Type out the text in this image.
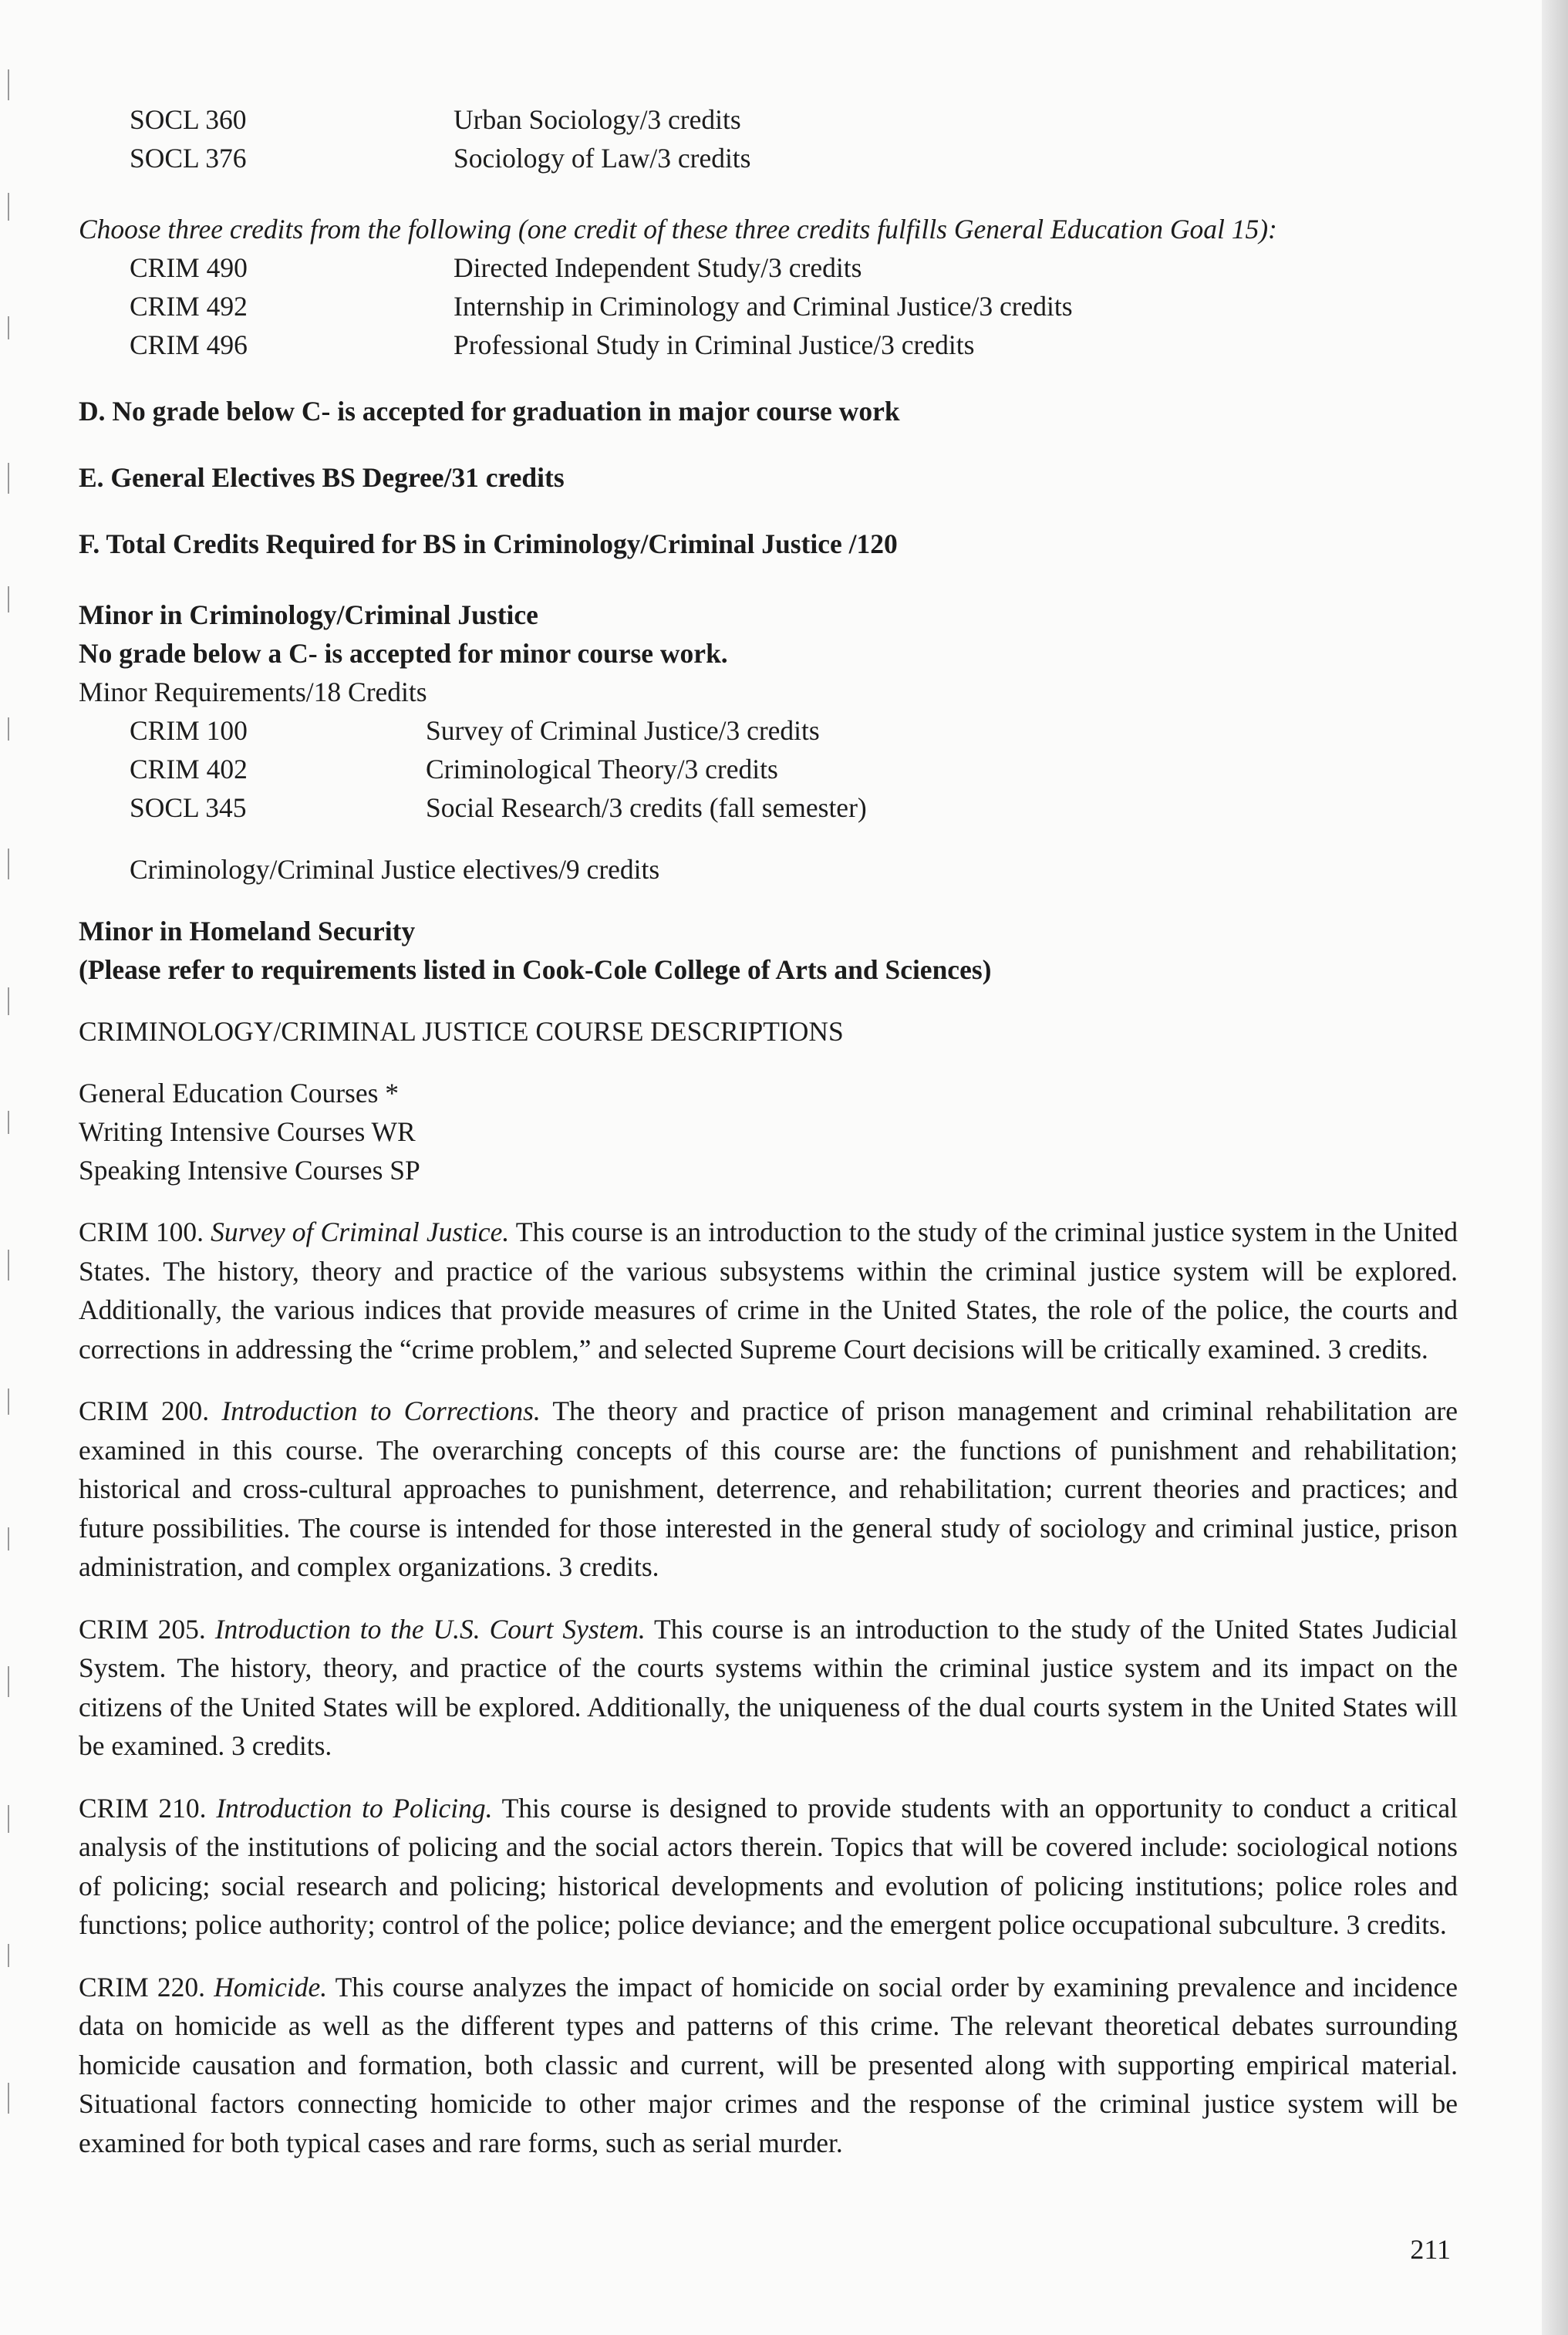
SOCL 360	Urban Sociology/3 credits
SOCL 376	Sociology of Law/3 credits
Choose three credits from the following (one credit of these three credits fulfills General Education Goal 15):
CRIM 490	Directed Independent Study/3 credits
CRIM 492	Internship in Criminology and Criminal Justice/3 credits
CRIM 496	Professional Study in Criminal Justice/3 credits
D. No grade below C- is accepted for graduation in major course work
E. General Electives BS Degree/31 credits
F. Total Credits Required for BS in Criminology/Criminal Justice /120
Minor in Criminology/Criminal Justice
No grade below a C- is accepted for minor course work.
Minor Requirements/18 Credits
CRIM 100	Survey of Criminal Justice/3 credits
CRIM 402	Criminological Theory/3 credits
SOCL 345	Social Research/3 credits (fall semester)
Criminology/Criminal Justice electives/9 credits
Minor in Homeland Security
(Please refer to requirements listed in Cook-Cole College of Arts and Sciences)
CRIMINOLOGY/CRIMINAL JUSTICE COURSE DESCRIPTIONS
General Education Courses *
Writing Intensive Courses WR
Speaking Intensive Courses SP
CRIM 100. Survey of Criminal Justice. This course is an introduction to the study of the criminal justice system in the United States. The history, theory and practice of the various subsystems within the criminal justice system will be explored. Additionally, the various indices that provide measures of crime in the United States, the role of the police, the courts and corrections in addressing the “crime problem,” and selected Supreme Court decisions will be critically examined. 3 credits.
CRIM 200. Introduction to Corrections. The theory and practice of prison management and criminal rehabilitation are examined in this course. The overarching concepts of this course are: the functions of punishment and rehabilitation; historical and cross-cultural approaches to punishment, deterrence, and rehabilitation; current theories and practices; and future possibilities. The course is intended for those interested in the general study of sociology and criminal justice, prison administration, and complex organizations. 3 credits.
CRIM 205. Introduction to the U.S. Court System. This course is an introduction to the study of the United States Judicial System. The history, theory, and practice of the courts systems within the criminal justice system and its impact on the citizens of the United States will be explored. Additionally, the uniqueness of the dual courts system in the United States will be examined. 3 credits.
CRIM 210. Introduction to Policing. This course is designed to provide students with an opportunity to conduct a critical analysis of the institutions of policing and the social actors therein. Topics that will be covered include: sociological notions of policing; social research and policing; historical developments and evolution of policing institutions; police roles and functions; police authority; control of the police; police deviance; and the emergent police occupational subculture. 3 credits.
CRIM 220. Homicide. This course analyzes the impact of homicide on social order by examining prevalence and incidence data on homicide as well as the different types and patterns of this crime. The relevant theoretical debates surrounding homicide causation and formation, both classic and current, will be presented along with supporting empirical material. Situational factors connecting homicide to other major crimes and the response of the criminal justice system will be examined for both typical cases and rare forms, such as serial murder.
211
